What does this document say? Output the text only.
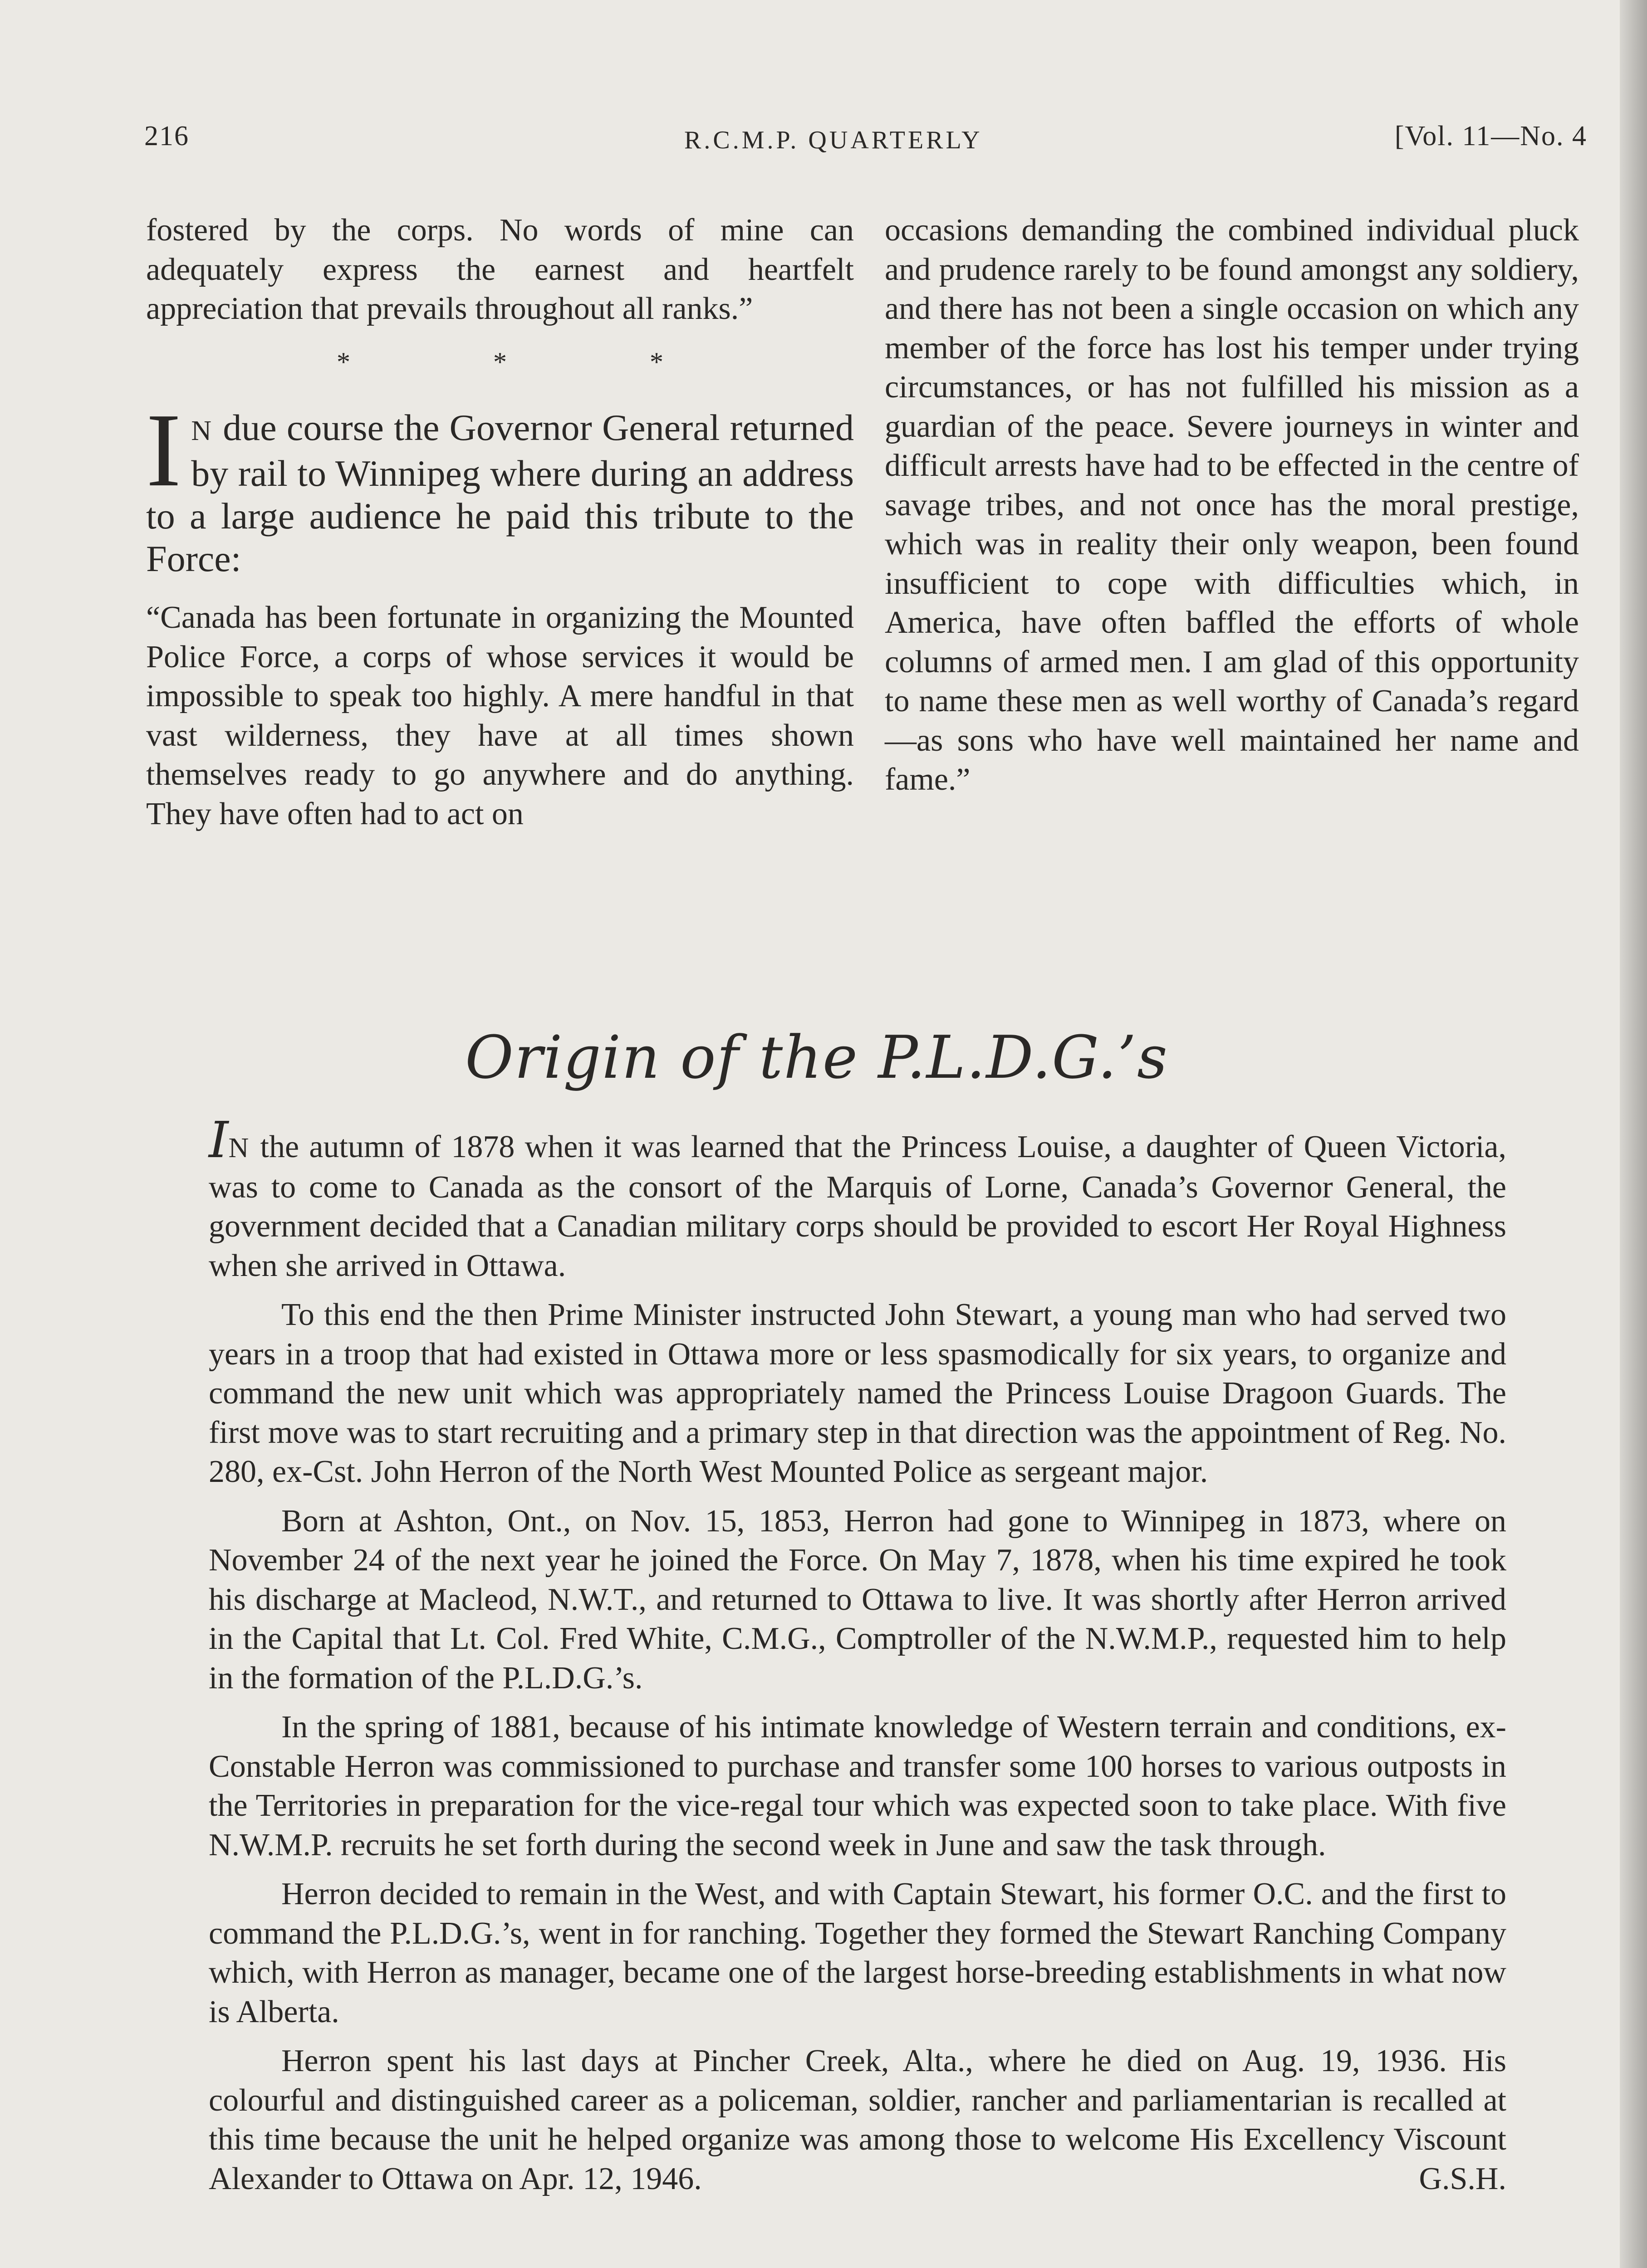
216	R.C.M.P. QUARTERLY	[Vol. 11—No. 4

fostered by the corps. No words of mine can adequately express the earnest and heartfelt appreciation that prevails throughout all ranks.”

* * *

I N due course the Governor General returned by rail to Winnipeg where during an address to a large audience he paid this tribute to the Force:

“Canada has been fortunate in organizing the Mounted Police Force, a corps of whose services it would be impossible to speak too highly. A mere handful in that vast wilderness, they have at all times shown themselves ready to go anywhere and do anything. They have often had to act on

occasions demanding the combined individual pluck and prudence rarely to be found amongst any soldiery, and there has not been a single occasion on which any member of the force has lost his temper under trying circumstances, or has not fulfilled his mission as a guardian of the peace. Severe journeys in winter and difficult arrests have had to be effected in the centre of savage tribes, and not once has the moral prestige, which was in reality their only weapon, been found insufficient to cope with difficulties which, in America, have often baffled the efforts of whole columns of armed men. I am glad of this opportunity to name these men as well worthy of Canada’s regard—as sons who have well maintained her name and fame.”

Origin of the P.L.D.G.’s

IN the autumn of 1878 when it was learned that the Princess Louise, a daughter of Queen Victoria, was to come to Canada as the consort of the Marquis of Lorne, Canada’s Governor General, the government decided that a Canadian military corps should be provided to escort Her Royal Highness when she arrived in Ottawa.

To this end the then Prime Minister instructed John Stewart, a young man who had served two years in a troop that had existed in Ottawa more or less spasmodically for six years, to organize and command the new unit which was appropriately named the Princess Louise Dragoon Guards. The first move was to start recruiting and a primary step in that direction was the appointment of Reg. No. 280, ex-Cst. John Herron of the North West Mounted Police as sergeant major.

Born at Ashton, Ont., on Nov. 15, 1853, Herron had gone to Winnipeg in 1873, where on November 24 of the next year he joined the Force. On May 7, 1878, when his time expired he took his discharge at Macleod, N.W.T., and returned to Ottawa to live. It was shortly after Herron arrived in the Capital that Lt. Col. Fred White, C.M.G., Comptroller of the N.W.M.P., requested him to help in the formation of the P.L.D.G.’s.

In the spring of 1881, because of his intimate knowledge of Western terrain and conditions, ex-Constable Herron was commissioned to purchase and transfer some 100 horses to various outposts in the Territories in preparation for the vice-regal tour which was expected soon to take place. With five N.W.M.P. recruits he set forth during the second week in June and saw the task through.

Herron decided to remain in the West, and with Captain Stewart, his former O.C. and the first to command the P.L.D.G.’s, went in for ranching. Together they formed the Stewart Ranching Company which, with Herron as manager, became one of the largest horse-breeding establishments in what now is Alberta.

Herron spent his last days at Pincher Creek, Alta., where he died on Aug. 19, 1936. His colourful and distinguished career as a policeman, soldier, rancher and parliamentarian is recalled at this time because the unit he helped organize was among those to welcome His Excellency Viscount Alexander to Ottawa on Apr. 12, 1946.	G.S.H.
